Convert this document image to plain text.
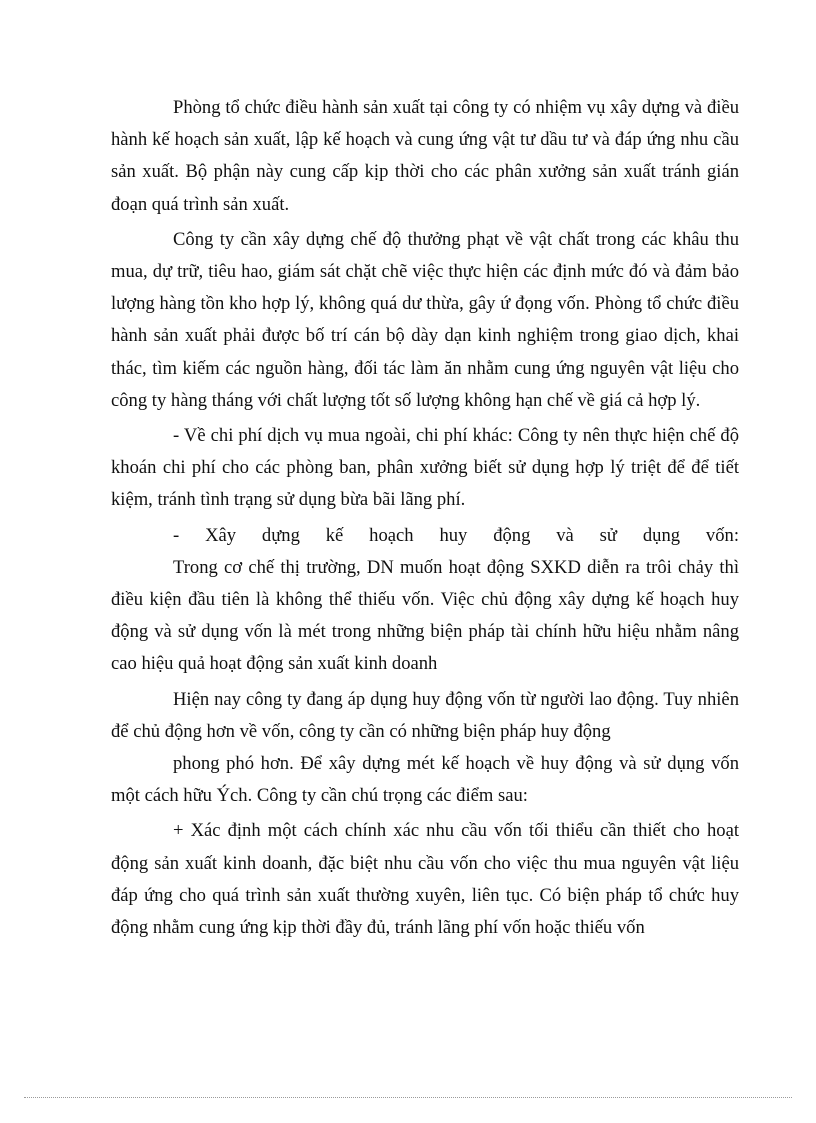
Phòng tổ chức điều hành sản xuất tại công ty có nhiệm vụ xây dựng và điều hành kế hoạch sản xuất, lập kế hoạch và cung ứng vật tư dầu tư và đáp ứng nhu cầu sản xuất. Bộ phận này cung cấp kịp thời cho các phân xưởng sản xuất tránh gián đoạn quá trình sản xuất.

Công ty cần xây dựng chế độ thưởng phạt về vật chất trong các khâu thu mua, dự trữ, tiêu hao, giám sát chặt chẽ việc thực hiện các định mức đó và đảm bảo lượng hàng tồn kho hợp lý, không quá dư thừa, gây ứ đọng vốn. Phòng tổ chức điều hành sản xuất phải được bố trí cán bộ dày dạn kinh nghiệm trong giao dịch, khai thác, tìm kiếm các nguồn hàng, đối tác làm ăn nhằm cung ứng nguyên vật liệu cho công ty hàng tháng với chất lượng tốt số lượng không hạn chế về giá cả hợp lý.

- Về chi phí dịch vụ mua ngoài, chi phí khác: Công ty nên thực hiện chế độ khoán chi phí cho các phòng ban, phân xưởng biết sử dụng hợp lý triệt để để tiết kiệm, tránh tình trạng sử dụng bừa bãi lãng phí.

- Xây dựng kế hoạch huy động và sử dụng vốn:

Trong cơ chế thị trường, DN muốn hoạt động SXKD diễn ra trôi chảy thì điều kiện đầu tiên là không thể thiếu vốn. Việc chủ động xây dựng kế hoạch huy động và sử dụng vốn là mét trong những biện pháp tài chính hữu hiệu nhằm nâng cao hiệu quả hoạt động sản xuất kinh doanh

Hiện nay công ty đang áp dụng huy động vốn từ người lao động. Tuy nhiên để chủ động hơn về vốn, công ty cần có những biện pháp huy động

phong phó hơn. Để xây dựng mét kế hoạch về huy động và sử dụng vốn một cách hữu Ých. Công ty cần chú trọng các điểm sau:

+ Xác định một cách chính xác nhu cầu vốn tối thiểu cần thiết cho hoạt động sản xuất kinh doanh, đặc biệt nhu cầu vốn cho việc thu mua nguyên vật liệu đáp ứng cho quá trình sản xuất thường xuyên, liên tục. Có biện pháp tổ chức huy động nhằm cung ứng kịp thời đầy đủ, tránh lãng phí vốn hoặc thiếu vốn
